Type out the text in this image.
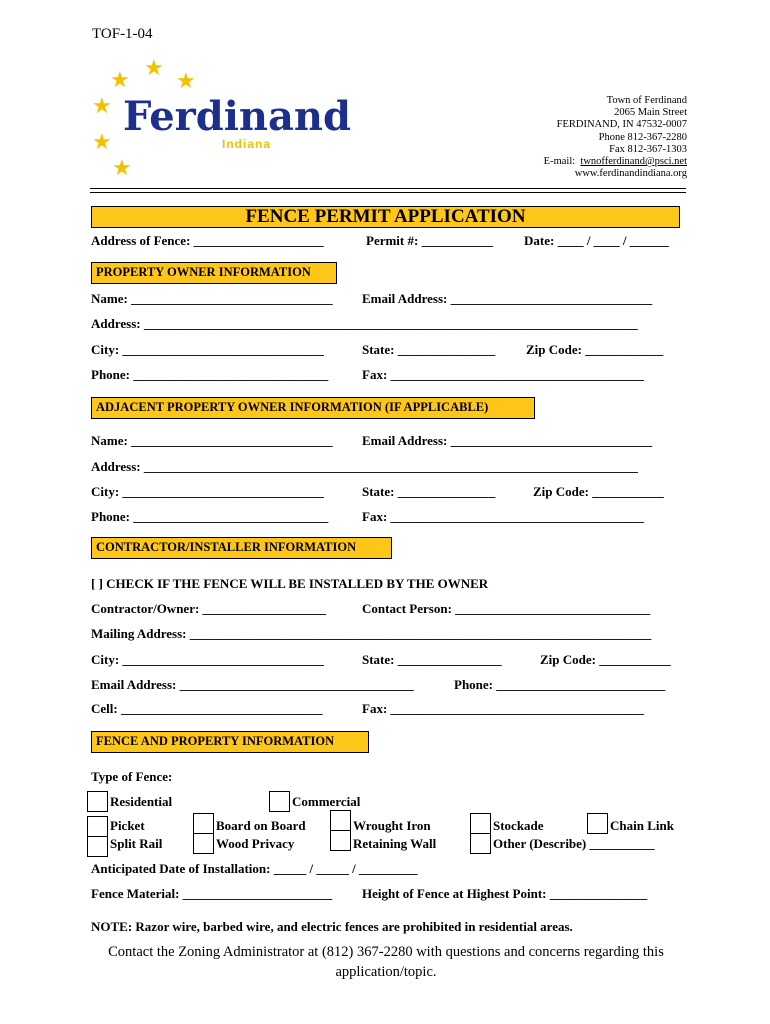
TOF-1-04
★ ★
★
★
★
★
Ferdinand
Indiana
Town of Ferdinand
2065 Main Street
FERDINAND, IN 47532-0007
Phone 812-367-2280
Fax 812-367-1303
E-mail: twnofferdinand@psci.net
www.ferdinandindiana.org
FENCE PERMIT APPLICATION
Address of Fence: ____________________	Permit #: ___________ Date: ____ / ____ / ______
PROPERTY OWNER INFORMATION
Name: _______________________________ Email Address: _______________________________
Address: ____________________________________________________________________________
City: _______________________________	State: _______________ Zip Code: ____________
Phone: ______________________________	Fax: _______________________________________
ADJACENT PROPERTY OWNER INFORMATION (IF APPLICABLE)
Name: _______________________________ Email Address: _______________________________
Address: ____________________________________________________________________________
City: _______________________________	State: _______________	Zip Code: ___________
Phone: ______________________________	Fax: _______________________________________
CONTRACTOR/INSTALLER INFORMATION
[ ] CHECK IF THE FENCE WILL BE INSTALLED BY THE OWNER
Contractor/Owner: ___________________	Contact Person: ______________________________
Mailing Address: _______________________________________________________________________
City: _______________________________	State: ________________	Zip Code: ___________
Email Address: ____________________________________	Phone: __________________________
Cell: _______________________________	Fax: _______________________________________
FENCE AND PROPERTY INFORMATION
Type of Fence:
Residential	Commercial
Picket
Split Rail
Board on Board
Wood Privacy
Wrought Iron
Retaining Wall
Stockade
Other (Describe) __________
Chain Link
Anticipated Date of Installation: _____ / _____ / _________
Fence Material: _______________________ Height of Fence at Highest Point: _______________
NOTE: Razor wire, barbed wire, and electric fences are prohibited in residential areas.
Contact the Zoning Administrator at (812) 367-2280 with questions and concerns regarding this application/topic.
